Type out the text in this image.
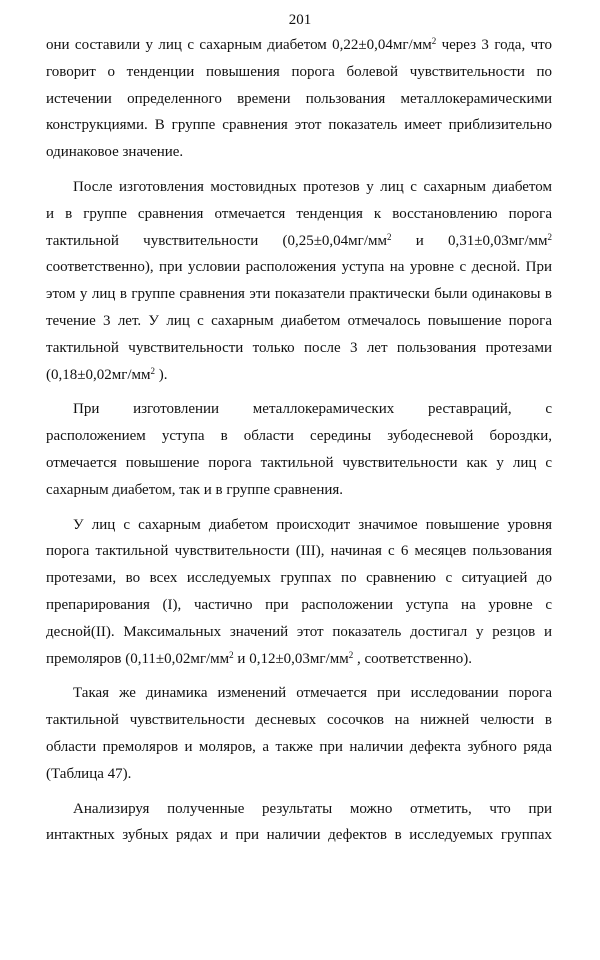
201
они составили у лиц с сахарным диабетом $0,22\pm 0,04мг/мм^2$ через 3 года, что
говорит о тенденции повышения порога болевой чувствительности по
истечении определенного времени пользования металлокерамическими
конструкциями. В группе сравнения этот показатель имеет приблизительно
одинаковое значение.
После изготовления мостовидных протезов у лиц с сахарным диабетом
и в группе сравнения отмечается тенденция к восстановлению порога
тактильной чувствительности ($0,25\pm 0,04мг/мм^2$ и $0,31\pm 0,03мг/мм^2$
соответственно), при условии расположения уступа на уровне с десной. При
этом у лиц в группе сравнения эти показатели практически были одинаковы в
течение 3 лет. У лиц с сахарным диабетом отмечалось повышение порога
тактильной чувствительности только после 3 лет пользования протезами
($0,18\pm 0,02мг/мм^2$ ).
При изготовлении металлокерамических реставраций, с
расположением уступа в области середины зубодесневой бороздки,
отмечается повышение порога тактильной чувствительности как у лиц с
сахарным диабетом, так и в группе сравнения.
У лиц с сахарным диабетом происходит значимое повышение уровня
порога тактильной чувствительности (III), начиная с 6 месяцев пользования
протезами, во всех исследуемых группах по сравнению с ситуацией до
препарирования (I), частично при расположении уступа на уровне с
десной(II). Максимальных значений этот показатель достигал у резцов и
премоляров ($0,11\pm 0,02мг/мм^2$ и $0,12\pm 0,03мг/мм^2$ , соответственно).
Такая же динамика изменений отмечается при исследовании порога
тактильной чувствительности десневых сосочков на нижней челюсти в
области премоляров и моляров, а также при наличии дефекта зубного ряда
(Таблица 47).
Анализируя полученные результаты можно отметить, что при
интактных зубных рядах и при наличии дефектов в исследуемых группах
